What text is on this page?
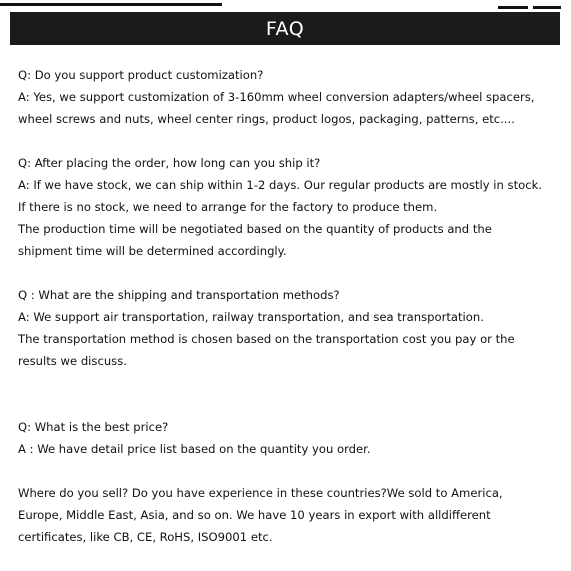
FAQ
Q: Do you support product customization?
A: Yes, we support customization of 3-160mm wheel conversion adapters/wheel spacers,
wheel screws and nuts, wheel center rings, product logos, packaging, patterns, etc....
Q: After placing the order, how long can you ship it?
A: If we have stock, we can ship within 1-2 days. Our regular products are mostly in stock.
If there is no stock, we need to arrange for the factory to produce them.
The production time will be negotiated based on the quantity of products and the
shipment time will be determined accordingly.
Q : What are the shipping and transportation methods?
A: We support air transportation, railway transportation, and sea transportation.
The transportation method is chosen based on the transportation cost you pay or the
results we discuss.
Q: What is the best price?
A : We have detail price list based on the quantity you order.
Where do you sell? Do you have experience in these countries?We sold to America,
Europe, Middle East, Asia, and so on. We have 10 years in export with alldifferent
certificates, like CB, CE, RoHS, ISO9001 etc.
